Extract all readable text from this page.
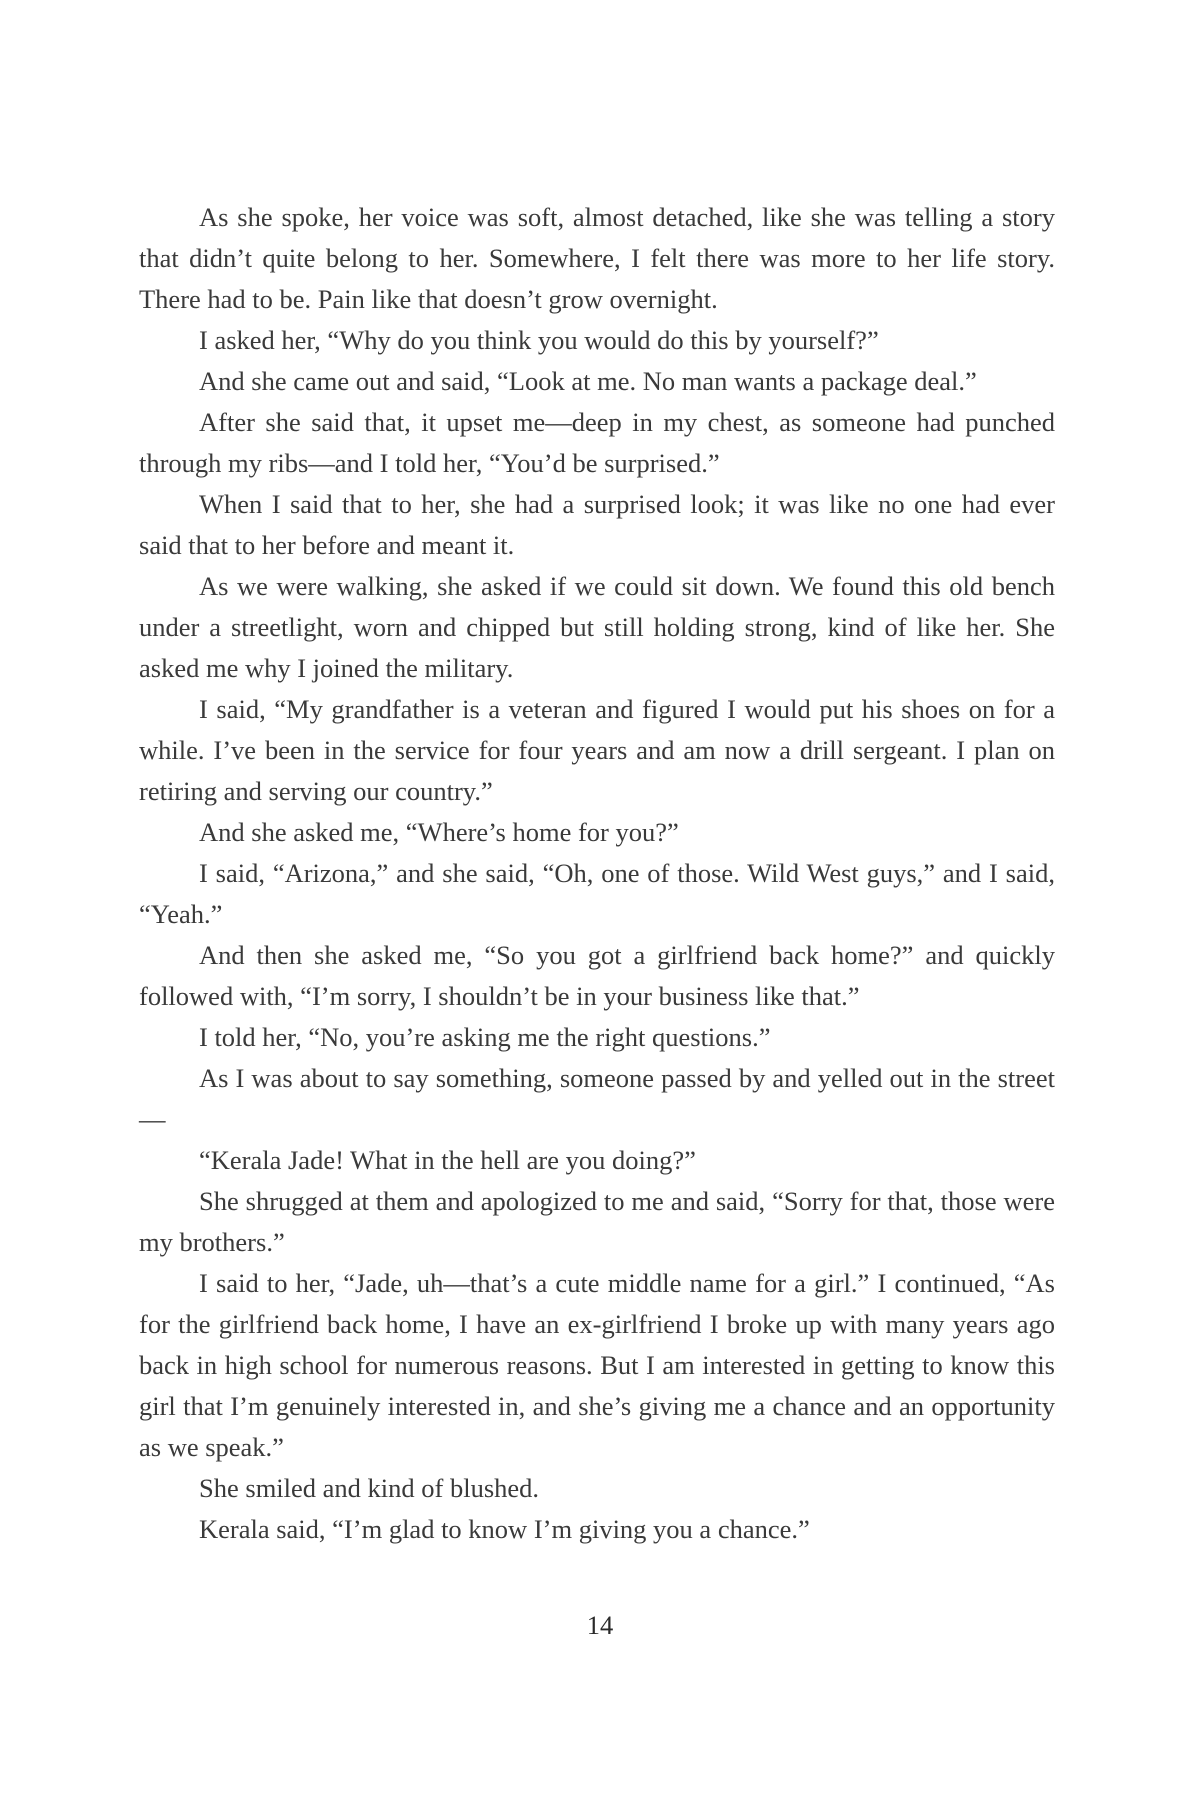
As she spoke, her voice was soft, almost detached, like she was telling a story that didn’t quite belong to her. Somewhere, I felt there was more to her life story. There had to be. Pain like that doesn’t grow overnight.

I asked her, “Why do you think you would do this by yourself?”

And she came out and said, “Look at me. No man wants a package deal.”

After she said that, it upset me—deep in my chest, as someone had punched through my ribs—and I told her, “You’d be surprised.”

When I said that to her, she had a surprised look; it was like no one had ever said that to her before and meant it.

As we were walking, she asked if we could sit down. We found this old bench under a streetlight, worn and chipped but still holding strong, kind of like her. She asked me why I joined the military.

I said, “My grandfather is a veteran and figured I would put his shoes on for a while. I’ve been in the service for four years and am now a drill sergeant. I plan on retiring and serving our country.”

And she asked me, “Where’s home for you?”

I said, “Arizona,” and she said, “Oh, one of those. Wild West guys,” and I said, “Yeah.”

And then she asked me, “So you got a girlfriend back home?” and quickly followed with, “I’m sorry, I shouldn’t be in your business like that.”

I told her, “No, you’re asking me the right questions.”

As I was about to say something, someone passed by and yelled out in the street—

“Kerala Jade! What in the hell are you doing?”

She shrugged at them and apologized to me and said, “Sorry for that, those were my brothers.”

I said to her, “Jade, uh—that’s a cute middle name for a girl.” I continued, “As for the girlfriend back home, I have an ex-girlfriend I broke up with many years ago back in high school for numerous reasons. But I am interested in getting to know this girl that I’m genuinely interested in, and she’s giving me a chance and an opportunity as we speak.”

She smiled and kind of blushed.

Kerala said, “I’m glad to know I’m giving you a chance.”

14
